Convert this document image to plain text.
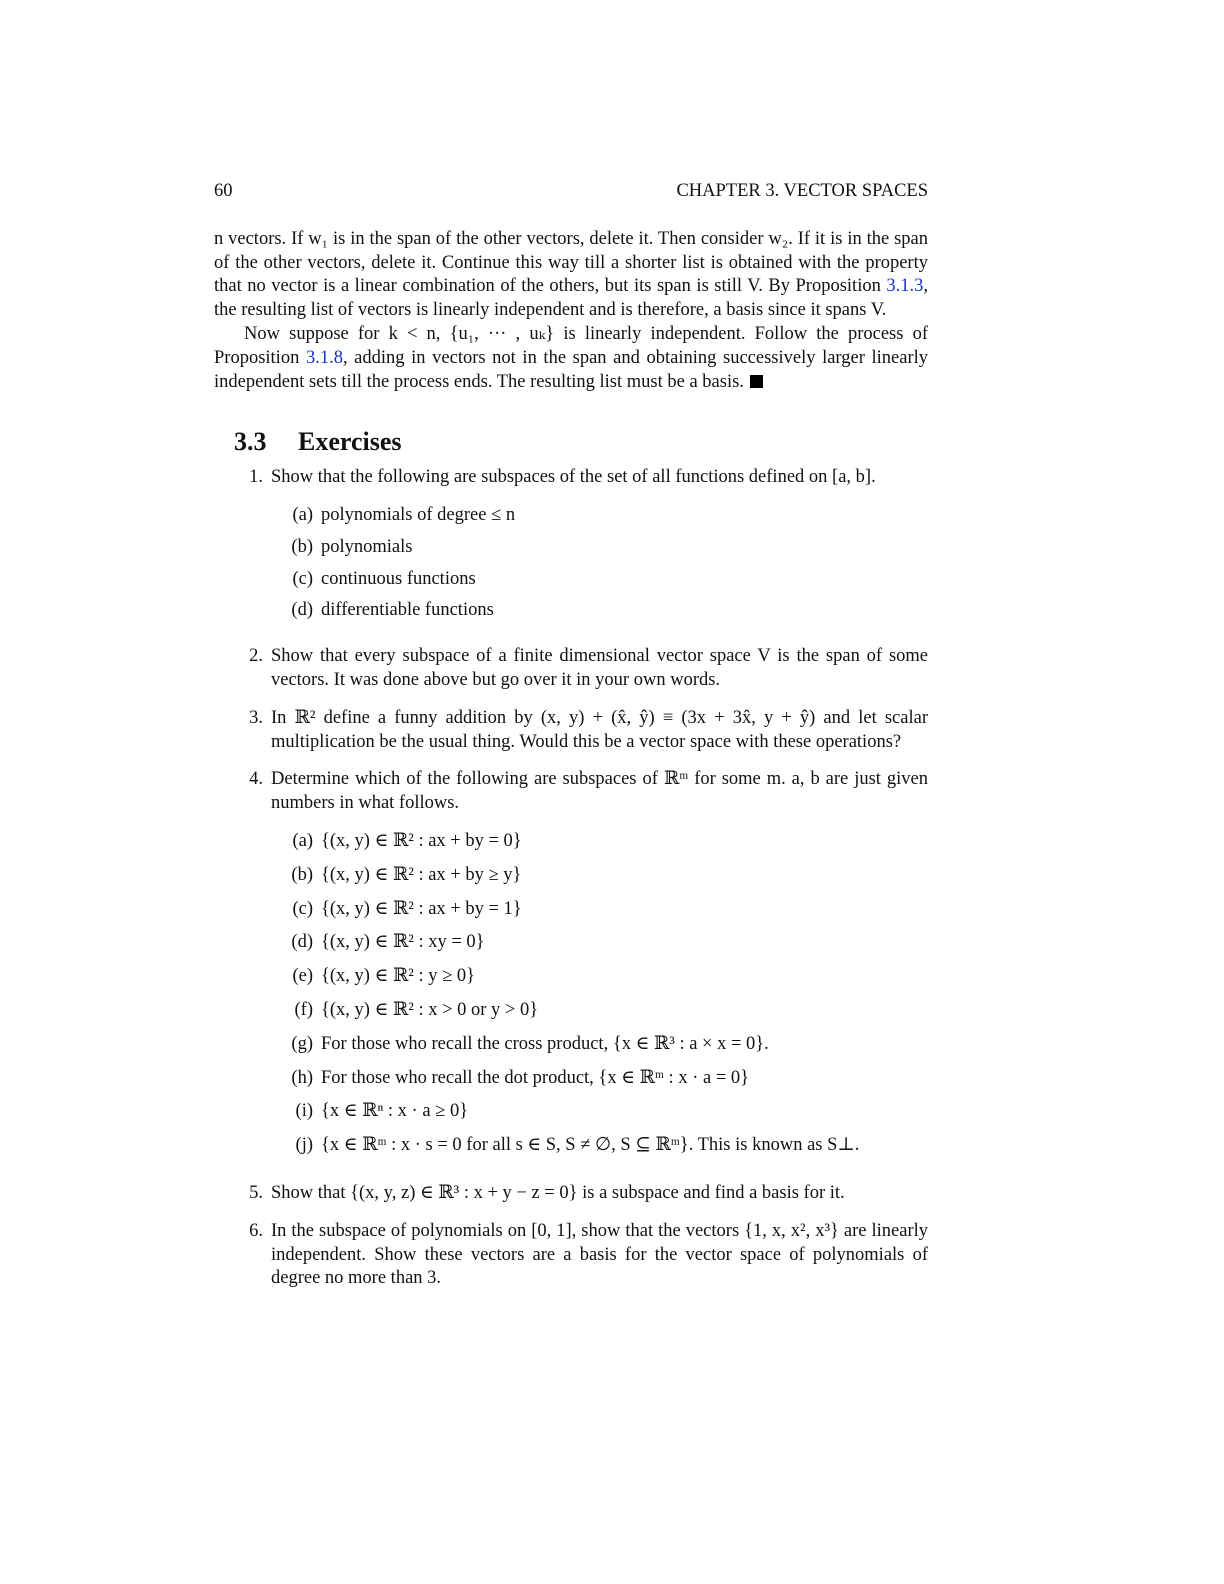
60	CHAPTER 3. VECTOR SPACES

n vectors. If w₁ is in the span of the other vectors, delete it. Then consider w₂. If it is in the span of the other vectors, delete it. Continue this way till a shorter list is obtained with the property that no vector is a linear combination of the others, but its span is still V. By Proposition 3.1.3, the resulting list of vectors is linearly independent and is therefore, a basis since it spans V.

Now suppose for k < n, {u₁, ··· , uₖ} is linearly independent. Follow the process of Proposition 3.1.8, adding in vectors not in the span and obtaining successively larger linearly independent sets till the process ends. The resulting list must be a basis.

3.3	Exercises
1. Show that the following are subspaces of the set of all functions defined on [a, b].
(a) polynomials of degree ≤ n
(b) polynomials
(c) continuous functions
(d) differentiable functions
2. Show that every subspace of a finite dimensional vector space V is the span of some vectors. It was done above but go over it in your own words.
3. In ℝ² define a funny addition by (x, y) + (x̂, ŷ) ≡ (3x + 3x̂, y + ŷ) and let scalar multiplication be the usual thing. Would this be a vector space with these operations?
4. Determine which of the following are subspaces of ℝᵐ for some m. a, b are just given numbers in what follows.
(a) {(x, y) ∈ ℝ² : ax + by = 0}
(b) {(x, y) ∈ ℝ² : ax + by ≥ y}
(c) {(x, y) ∈ ℝ² : ax + by = 1}
(d) {(x, y) ∈ ℝ² : xy = 0}
(e) {(x, y) ∈ ℝ² : y ≥ 0}
(f) {(x, y) ∈ ℝ² : x > 0 or y > 0}
(g) For those who recall the cross product, {x ∈ ℝ³ : a × x = 0}.
(h) For those who recall the dot product, {x ∈ ℝᵐ : x · a = 0}
(i) {x ∈ ℝⁿ : x · a ≥ 0}
(j) {x ∈ ℝᵐ : x · s = 0 for all s ∈ S, S ≠ ∅, S ⊆ ℝᵐ}. This is known as S⊥.
5. Show that {(x, y, z) ∈ ℝ³ : x + y − z = 0} is a subspace and find a basis for it.
6. In the subspace of polynomials on [0, 1], show that the vectors {1, x, x², x³} are linearly independent. Show these vectors are a basis for the vector space of polynomials of degree no more than 3.
